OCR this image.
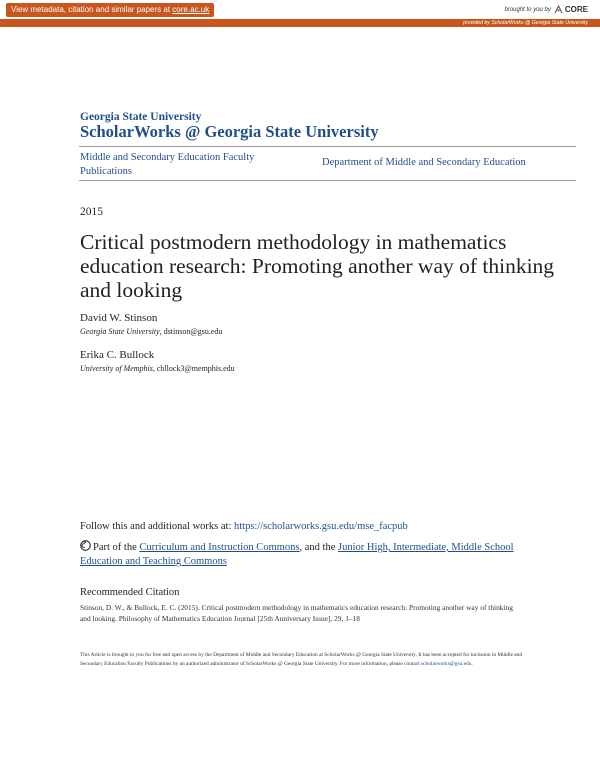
View metadata, citation and similar papers at core.ac.uk	brought to you by CORE
provided by ScholarWorks @ Georgia State University
Georgia State University
ScholarWorks @ Georgia State University
Middle and Secondary Education Faculty Publications
Department of Middle and Secondary Education
2015
Critical postmodern methodology in mathematics education research: Promoting another way of thinking and looking
David W. Stinson
Georgia State University, dstinson@gsu.edu
Erika C. Bullock
University of Memphis, cbllock3@memphis.edu
Follow this and additional works at: https://scholarworks.gsu.edu/mse_facpub
Part of the Curriculum and Instruction Commons, and the Junior High, Intermediate, Middle School Education and Teaching Commons
Recommended Citation
Stinson, D. W., & Bullock, E. C. (2015). Critical postmodern methodology in mathematics education research: Promoting another way of thinking and looking. Philosophy of Mathematics Education Journal [25th Anniversary Issue], 29, 1–18
This Article is brought to you for free and open access by the Department of Middle and Secondary Education at ScholarWorks @ Georgia State University. It has been accepted for inclusion in Middle and Secondary Education Faculty Publications by an authorized administrator of ScholarWorks @ Georgia State University. For more information, please contact scholarworks@gsu.edu.
